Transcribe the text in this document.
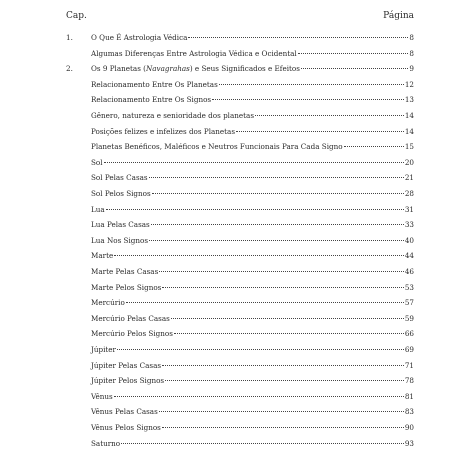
Cap.	Página
1.	O Que É Astrologia Védica	8
Algumas Diferenças Entre Astrologia Védica e Ocidental	8
2.	Os 9 Planetas (Navagrahas) e Seus Significados e Efeitos	9
Relacionamento Entre Os Planetas	12
Relacionamento Entre Os Signos	13
Gênero, natureza e senioridade dos planetas	14
Posições felizes e infelizes dos Planetas	14
Planetas Benéficos, Maléficos e Neutros Funcionais Para Cada Signo	15
Sol	20
Sol Pelas Casas	21
Sol Pelos Signos	28
Lua	31
Lua Pelas Casas	33
Lua Nos Signos	40
Marte	44
Marte Pelas Casas	46
Marte Pelos Signos	53
Mercúrio	57
Mercúrio Pelas Casas	59
Mercúrio Pelos Signos	66
Júpiter	69
Júpiter Pelas Casas	71
Júpiter Pelos Signos	78
Vênus	81
Vênus Pelas Casas	83
Vênus Pelos Signos	90
Saturno	93
